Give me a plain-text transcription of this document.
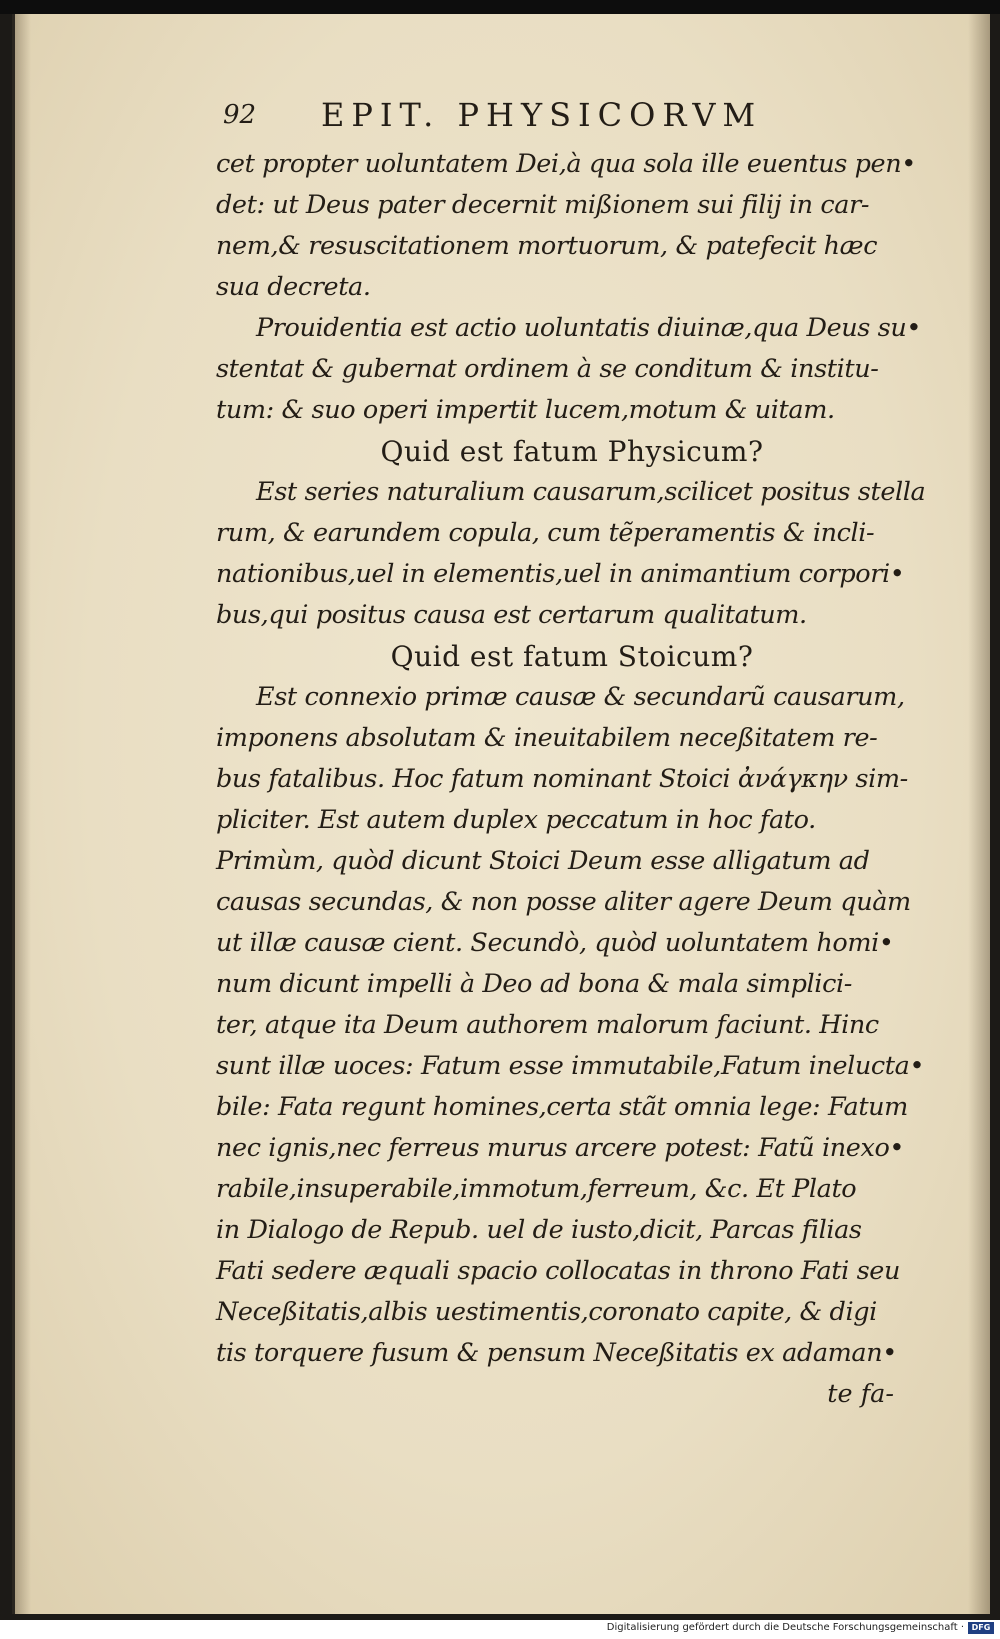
92 EPIT. PHYSICORVM
cet propter uoluntatem Dei,à qua sola ille euentus pen•
det: ut Deus pater decernit mißionem sui filij in car-
nem,& resuscitationem mortuorum, & patefecit hæc
sua decreta.
Prouidentia est actio uoluntatis diuinæ,qua Deus su•
stentat & gubernat ordinem à se conditum & institu-
tum: & suo operi impertit lucem,motum & uitam.
Quid est fatum Physicum?
Est series naturalium causarum,scilicet positus stella
rum, & earundem copula, cum tẽperamentis & incli-
nationibus,uel in elementis,uel in animantium corpori•
bus,qui positus causa est certarum qualitatum.
Quid est fatum Stoicum?
Est connexio primæ causæ & secundarũ causarum,
imponens absolutam & ineuitabilem neceßitatem re-
bus fatalibus. Hoc fatum nominant Stoici ἀνάγκην sim-
pliciter. Est autem duplex peccatum in hoc fato.
Primùm, quòd dicunt Stoici Deum esse alligatum ad
causas secundas, & non posse aliter agere Deum quàm
ut illæ causæ cient. Secundò, quòd uoluntatem homi•
num dicunt impelli à Deo ad bona & mala simplici-
ter, atque ita Deum authorem malorum faciunt. Hinc
sunt illæ uoces: Fatum esse immutabile,Fatum inelucta•
bile: Fata regunt homines,certa stãt omnia lege: Fatum
nec ignis,nec ferreus murus arcere potest: Fatũ inexo•
rabile,insuperabile,immotum,ferreum, &c. Et Plato
in Dialogo de Repub. uel de iusto,dicit, Parcas filias
Fati sedere æquali spacio collocatas in throno Fati seu
Neceßitatis,albis uestimentis,coronato capite, & digi
tis torquere fusum & pensum Neceßitatis ex adaman•
te fa-
Digitalisierung gefördert durch die Deutsche Forschungsgemeinschaft · DFG
